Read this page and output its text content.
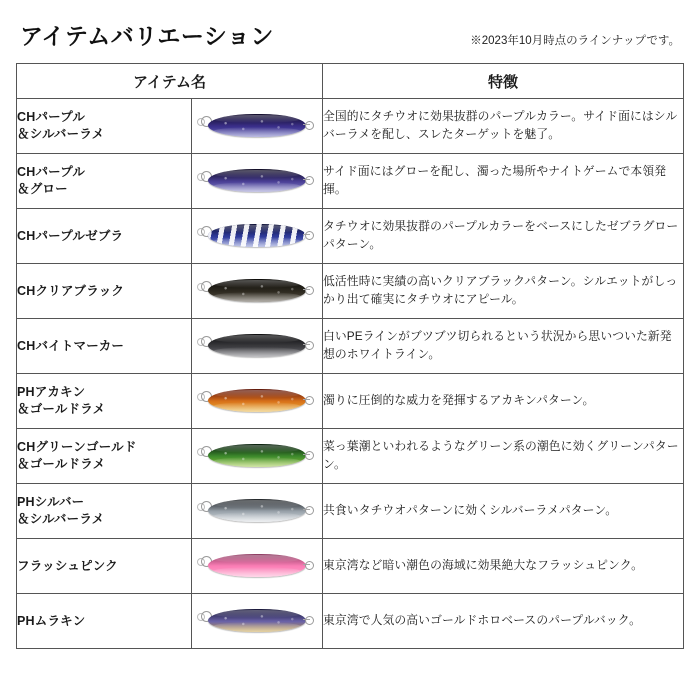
アイテムバリエーション	※2023年10月時点のラインナップです。
アイテム名		特徴

CHパープル
＆シルバーラメ		全国的にタチウオに効果抜群のパープルカラー。サイド面にはシルバーラメを配し、スレたターゲットを魅了。

CHパープル
＆グロー		サイド面にはグローを配し、濁った場所やナイトゲームで本領発揮。

CHパープルゼブラ		タチウオに効果抜群のパープルカラーをベースにしたゼブラグローパターン。

CHクリアブラック		低活性時に実績の高いクリアブラックパターン。シルエットがしっかり出て確実にタチウオにアピール。

CHバイトマーカー		白いPEラインがブツブツ切られるという状況から思いついた新発想のホワイトライン。

PHアカキン
＆ゴールドラメ		濁りに圧倒的な威力を発揮するアカキンパターン。

CHグリーンゴールド
＆ゴールドラメ		菜っ葉潮といわれるようなグリーン系の潮色に効くグリーンパターン。

PHシルバー
＆シルバーラメ		共食いタチウオパターンに効くシルバーラメパターン。

フラッシュピンク		東京湾など暗い潮色の海域に効果絶大なフラッシュピンク。

PHムラキン		東京湾で人気の高いゴールドホロベースのパープルバック。
